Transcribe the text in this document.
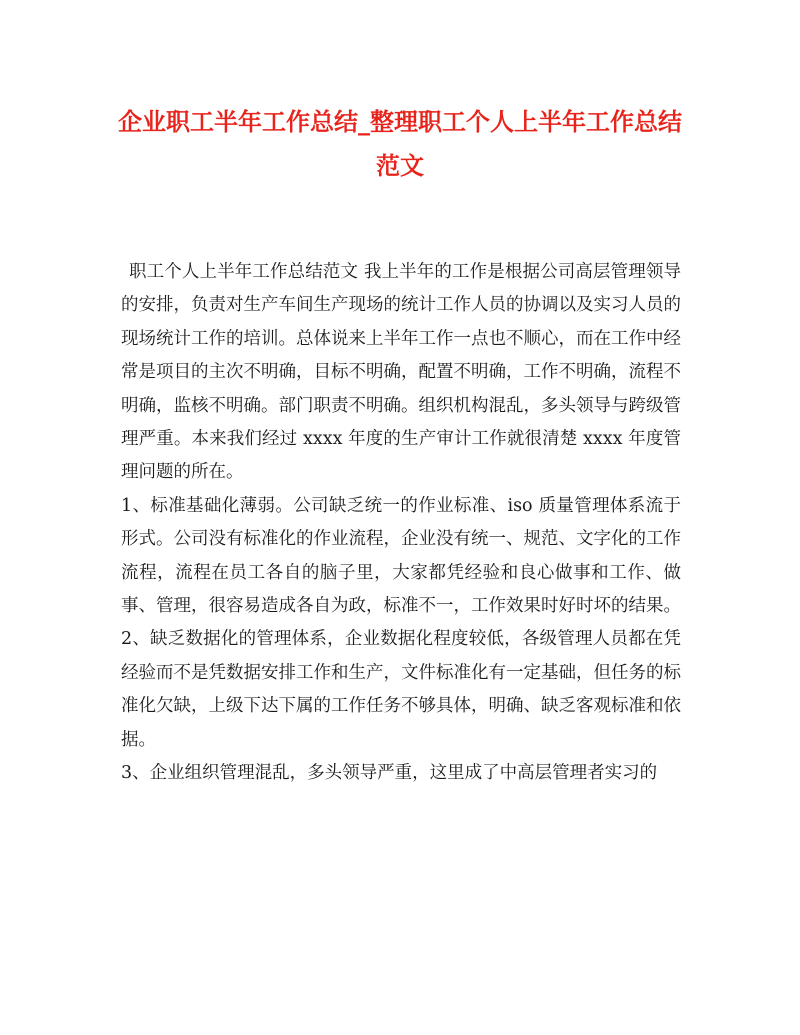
企业职工半年工作总结_整理职工个人上半年工作总结范文

职工个人上半年工作总结范文 我上半年的工作是根据公司高层管理领导的安排，负责对生产车间生产现场的统计工作人员的协调以及实习人员的现场统计工作的培训。总体说来上半年工作一点也不顺心，而在工作中经常是项目的主次不明确，目标不明确，配置不明确，工作不明确，流程不明确，监核不明确。部门职责不明确。组织机构混乱，多头领导与跨级管理严重。本来我们经过 xxxx 年度的生产审计工作就很清楚 xxxx 年度管理问题的所在。

1、标准基础化薄弱。公司缺乏统一的作业标准、iso 质量管理体系流于形式。公司没有标准化的作业流程，企业没有统一、规范、文字化的工作流程，流程在员工各自的脑子里，大家都凭经验和良心做事和工作、做事、管理，很容易造成各自为政，标准不一，工作效果时好时坏的结果。

2、缺乏数据化的管理体系，企业数据化程度较低，各级管理人员都在凭经验而不是凭数据安排工作和生产，文件标准化有一定基础，但任务的标准化欠缺，上级下达下属的工作任务不够具体，明确、缺乏客观标准和依据。

3、企业组织管理混乱，多头领导严重，这里成了中高层管理者实习的
